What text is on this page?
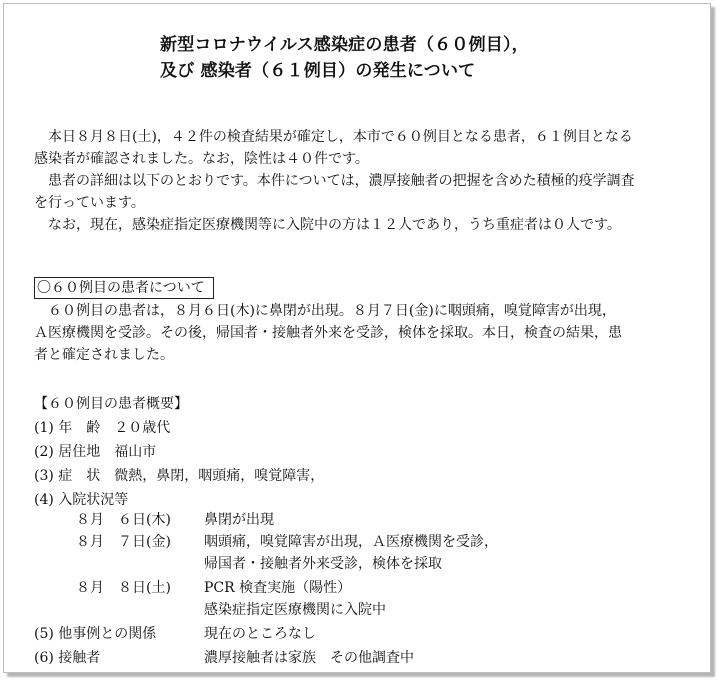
新型コロナウイルス感染症の患者（６０例目），
及び 感染者（６１例目）の発生について
　本日８月８日(土)，４２件の検査結果が確定し，本市で６０例目となる患者，６１例目となる
感染者が確認されました。なお，陰性は４０件です。
　患者の詳細は以下のとおりです。本件については，濃厚接触者の把握を含めた積極的疫学調査
を行っています。
　なお，現在，感染症指定医療機関等に入院中の方は１２人であり，うち重症者は０人です。
〇６０例目の患者について
　６０例目の患者は，８月６日(木)に鼻閉が出現。８月７日(金)に咽頭痛，嗅覚障害が出現，
Ａ医療機関を受診。その後，帰国者・接触者外来を受診，検体を採取。本日，検査の結果，患
者と確定されました。
【６０例目の患者概要】
(1) 年　齢　２０歳代
(2) 居住地　福山市
(3) 症　状　微熱，鼻閉，咽頭痛，嗅覚障害，
(4) 入院状況等
８月　６日(木) 鼻閉が出現
８月　７日(金) 咽頭痛，嗅覚障害が出現，Ａ医療機関を受診，
帰国者・接触者外来受診，検体を採取
８月　８日(土) PCR 検査実施（陽性）
感染症指定医療機関に入院中
(5) 他事例との関係	現在のところなし
(6) 接触者	濃厚接触者は家族　その他調査中
